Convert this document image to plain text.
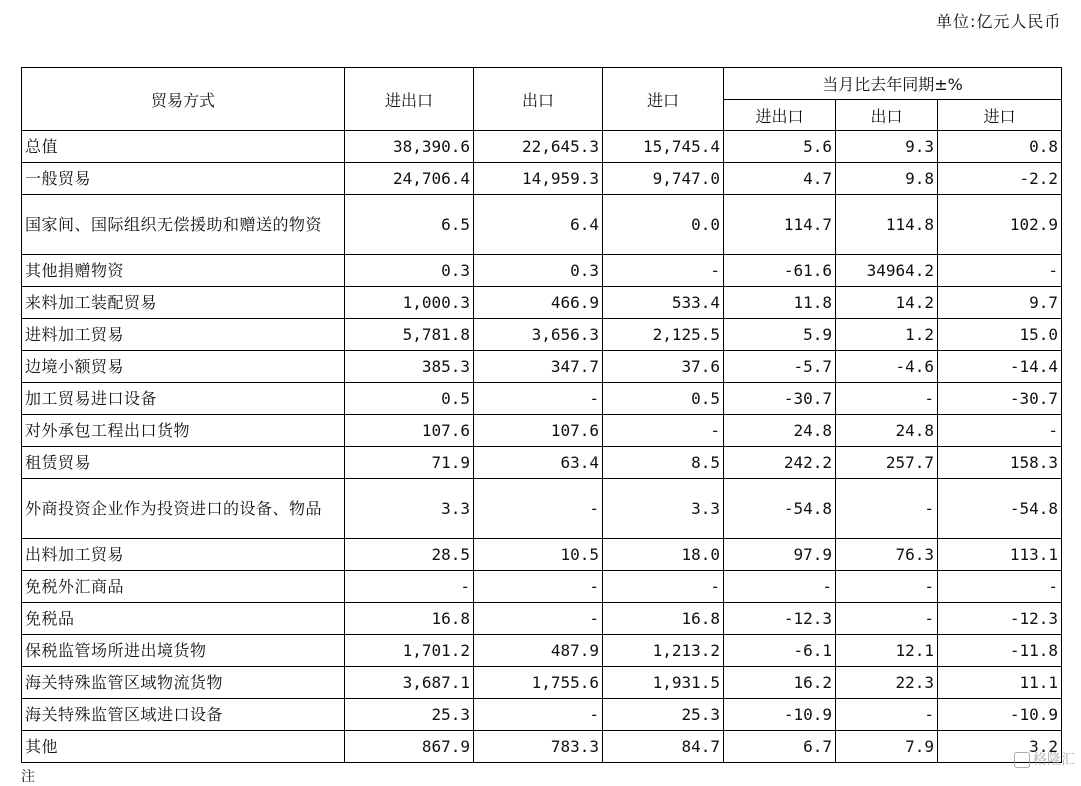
单位:亿元人民币
贸易方式	进出口	出口	进口	当月比去年同期±%		
				进出口	出口	进口
总值	38,390.6	22,645.3	15,745.4	5.6	9.3	0.8
一般贸易	24,706.4	14,959.3	9,747.0	4.7	9.8	-2.2
国家间、国际组织无偿援助和赠送的物资	6.5	6.4	0.0	114.7	114.8	102.9
其他捐赠物资	0.3	0.3	-	-61.6	34964.2	-
来料加工装配贸易	1,000.3	466.9	533.4	11.8	14.2	9.7
进料加工贸易	5,781.8	3,656.3	2,125.5	5.9	1.2	15.0
边境小额贸易	385.3	347.7	37.6	-5.7	-4.6	-14.4
加工贸易进口设备	0.5	-	0.5	-30.7	-	-30.7
对外承包工程出口货物	107.6	107.6	-	24.8	24.8	-
租赁贸易	71.9	63.4	8.5	242.2	257.7	158.3
外商投资企业作为投资进口的设备、物品	3.3	-	3.3	-54.8	-	-54.8
出料加工贸易	28.5	10.5	18.0	97.9	76.3	113.1
免税外汇商品	-	-	-	-	-	-
免税品	16.8	-	16.8	-12.3	-	-12.3
保税监管场所进出境货物	1,701.2	487.9	1,213.2	-6.1	12.1	-11.8
海关特殊监管区域物流货物	3,687.1	1,755.6	1,931.5	16.2	22.3	11.1
海关特殊监管区域进口设备	25.3	-	25.3	-10.9	-	-10.9
其他	867.9	783.3	84.7	6.7	7.9	3.2
注
格隆汇
